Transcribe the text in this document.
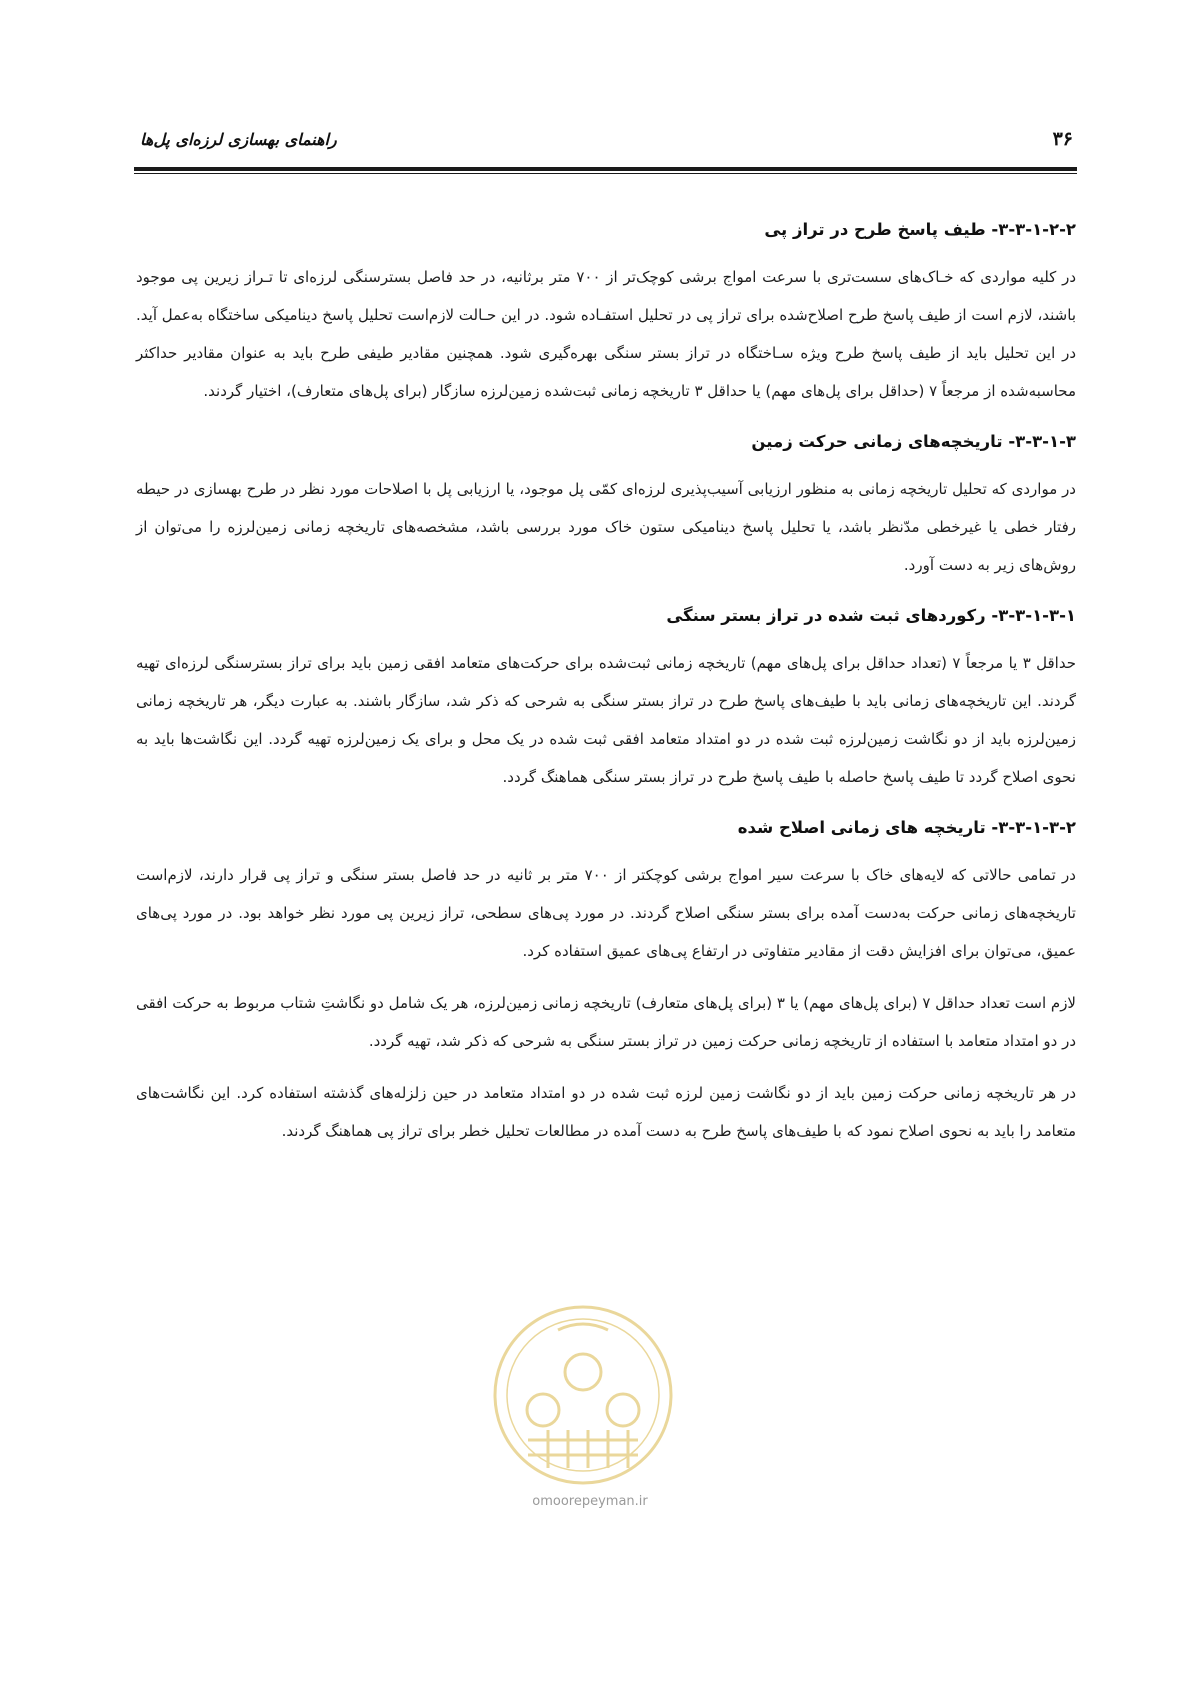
۳۶
راهنمای بهسازی لرزه‌ای پل‌ها
۳-۳-۱-۲-۲- طیف پاسخ طرح در تراز پی

در کلیه مواردی که خـاک‌های سست‌تری با سرعت امواج برشی کوچک‌تر از ۷۰۰ متر برثانیه، در حد فاصل بسترسنگی لرزه‌ای تا تـراز زیرین پی موجود باشند، لازم است از طیف پاسخ طرح اصلاح‌شده برای تراز پی در تحلیل استفـاده شود. در این حـالت لازم‌است تحلیل پاسخ دینامیکی ساختگاه به‌عمل آید. در این تحلیل باید از طیف پاسخ طرح ویژه سـاختگاه در تراز بستر سنگی بهره‌گیری شود. همچنین مقادیر طیفی طرح باید به عنوان مقادیر حداکثر محاسبه‌شده از مرجعاً ۷ (حداقل برای پل‌های مهم) یا حداقل ۳ تاریخچه زمانی ثبت‌شده زمین‌لرزه سازگار (برای پل‌های متعارف)، اختیار گردند.

۳-۳-۱-۳- تاریخچه‌های زمانی حرکت زمین

در مواردی که تحلیل تاریخچه زمانی به منظور ارزیابی آسیب‌پذیری لرزه‌ای کمّی پل موجود، یا ارزیابی پل با اصلاحات مورد نظر در طرح بهسازی در حیطه رفتار خطی یا غیرخطی مدّنظر باشد، یا تحلیل پاسخ دینامیکی ستون خاک مورد بررسی باشد، مشخصه‌های تاریخچه زمانی زمین‌لرزه را می‌توان از روش‌های زیر به دست آورد.

۳-۳-۱-۳-۱- رکوردهای ثبت شده در تراز بستر سنگی

حداقل ۳ یا مرجعاً ۷ (تعداد حداقل برای پل‌های مهم) تاریخچه زمانی ثبت‌شده برای حرکت‌های متعامد افقی زمین باید برای تراز بسترسنگی لرزه‌ای تهیه گردند. این تاریخچه‌های زمانی باید با طیف‌های پاسخ طرح در تراز بستر سنگی به شرحی که ذکر شد، سازگار باشند. به عبارت دیگر، هر تاریخچه زمانی زمین‌لرزه باید از دو نگاشت زمین‌لرزه ثبت شده در دو امتداد متعامد افقی ثبت شده در یک محل و برای یک زمین‌لرزه تهیه گردد. این نگاشت‌ها باید به نحوی اصلاح گردد تا طیف پاسخ حاصله با طیف پاسخ طرح در تراز بستر سنگی هماهنگ گردد.

۳-۳-۱-۳-۲- تاریخچه های زمانی اصلاح شده

در تمامی حالاتی که لایه‌های خاک با سرعت سیر امواج برشی کوچکتر از ۷۰۰ متر بر ثانیه در حد فاصل بستر سنگی و تراز پی قرار دارند، لازم‌است تاریخچه‌های زمانی حرکت به‌دست آمده برای بستر سنگی اصلاح گردند. در مورد پی‌های سطحی، تراز زیرین پی مورد نظر خواهد بود. در مورد پی‌های عمیق، می‌توان برای افزایش دقت از مقادیر متفاوتی در ارتفاع پی‌های عمیق استفاده کرد.

لازم است تعداد حداقل ۷ (برای پل‌های مهم) یا ۳ (برای پل‌های متعارف) تاریخچه زمانی زمین‌لرزه، هر یک شامل دو نگاشتِ شتاب مربوط به حرکت افقی در دو امتداد متعامد با استفاده از تاریخچه زمانی حرکت زمین در تراز بستر سنگی به شرحی که ذکر شد، تهیه گردد.

در هر تاریخچه زمانی حرکت زمین باید از دو نگاشت زمین لرزه ثبت شده در دو امتداد متعامد در حین زلزله‌های گذشته استفاده کرد. این نگاشت‌های متعامد را باید به نحوی اصلاح نمود که با طیف‌های پاسخ طرح به دست آمده در مطالعات تحلیل خطر برای تراز پی هماهنگ گردند.

omoorepeyman.ir
